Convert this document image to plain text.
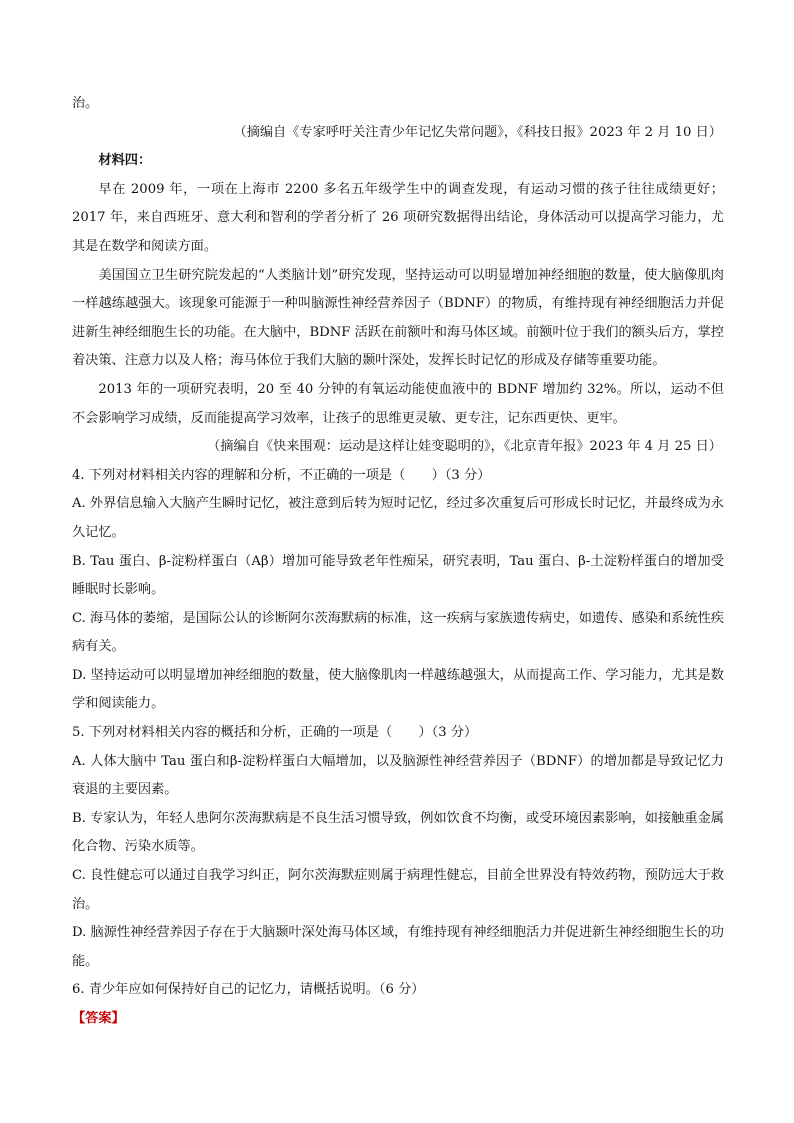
治。

（摘编自《专家呼吁关注青少年记忆失常问题》，《科技日报》2023 年 2 月 10 日）

材料四：

早在 2009 年，一项在上海市 2200 多名五年级学生中的调查发现，有运动习惯的孩子往往成绩更好；2017 年，来自西班牙、意大利和智利的学者分析了 26 项研究数据得出结论，身体活动可以提高学习能力，尤其是在数学和阅读方面。

美国国立卫生研究院发起的“人类脑计划”研究发现，坚持运动可以明显增加神经细胞的数量，使大脑像肌肉一样越练越强大。该现象可能源于一种叫脑源性神经营养因子（BDNF）的物质，有维持现有神经细胞活力并促进新生神经细胞生长的功能。在大脑中，BDNF 活跃在前额叶和海马体区域。前额叶位于我们的额头后方，掌控着决策、注意力以及人格；海马体位于我们大脑的颞叶深处，发挥长时记忆的形成及存储等重要功能。

2013 年的一项研究表明，20 至 40 分钟的有氧运动能使血液中的 BDNF 增加约 32%。所以，运动不但不会影响学习成绩，反而能提高学习效率，让孩子的思维更灵敏、更专注，记东西更快、更牢。

（摘编自《快来围观：运动是这样让娃变聪明的》，《北京青年报》2023 年 4 月 25 日）

4. 下列对材料相关内容的理解和分析，不正确的一项是（　　）（3 分）

A. 外界信息输入大脑产生瞬时记忆，被注意到后转为短时记忆，经过多次重复后可形成长时记忆，并最终成为永久记忆。

B. Tau 蛋白、β-淀粉样蛋白（Aβ）增加可能导致老年性痴呆，研究表明，Tau 蛋白、β-土淀粉样蛋白的增加受睡眠时长影响。

C. 海马体的萎缩，是国际公认的诊断阿尔茨海默病的标准，这一疾病与家族遗传病史，如遗传、感染和系统性疾病有关。

D. 坚持运动可以明显增加神经细胞的数量，使大脑像肌肉一样越练越强大，从而提高工作、学习能力，尤其是数学和阅读能力。

5. 下列对材料相关内容的概括和分析，正确的一项是（　　）（3 分）

A. 人体大脑中 Tau 蛋白和β-淀粉样蛋白大幅增加，以及脑源性神经营养因子（BDNF）的增加都是导致记忆力衰退的主要因素。

B. 专家认为，年轻人患阿尔茨海默病是不良生活习惯导致，例如饮食不均衡，或受环境因素影响，如接触重金属化合物、污染水质等。

C. 良性健忘可以通过自我学习纠正，阿尔茨海默症则属于病理性健忘，目前全世界没有特效药物，预防远大于救治。

D. 脑源性神经营养因子存在于大脑颞叶深处海马体区域，有维持现有神经细胞活力并促进新生神经细胞生长的功能。

6. 青少年应如何保持好自己的记忆力，请概括说明。（6 分）

【答案】
